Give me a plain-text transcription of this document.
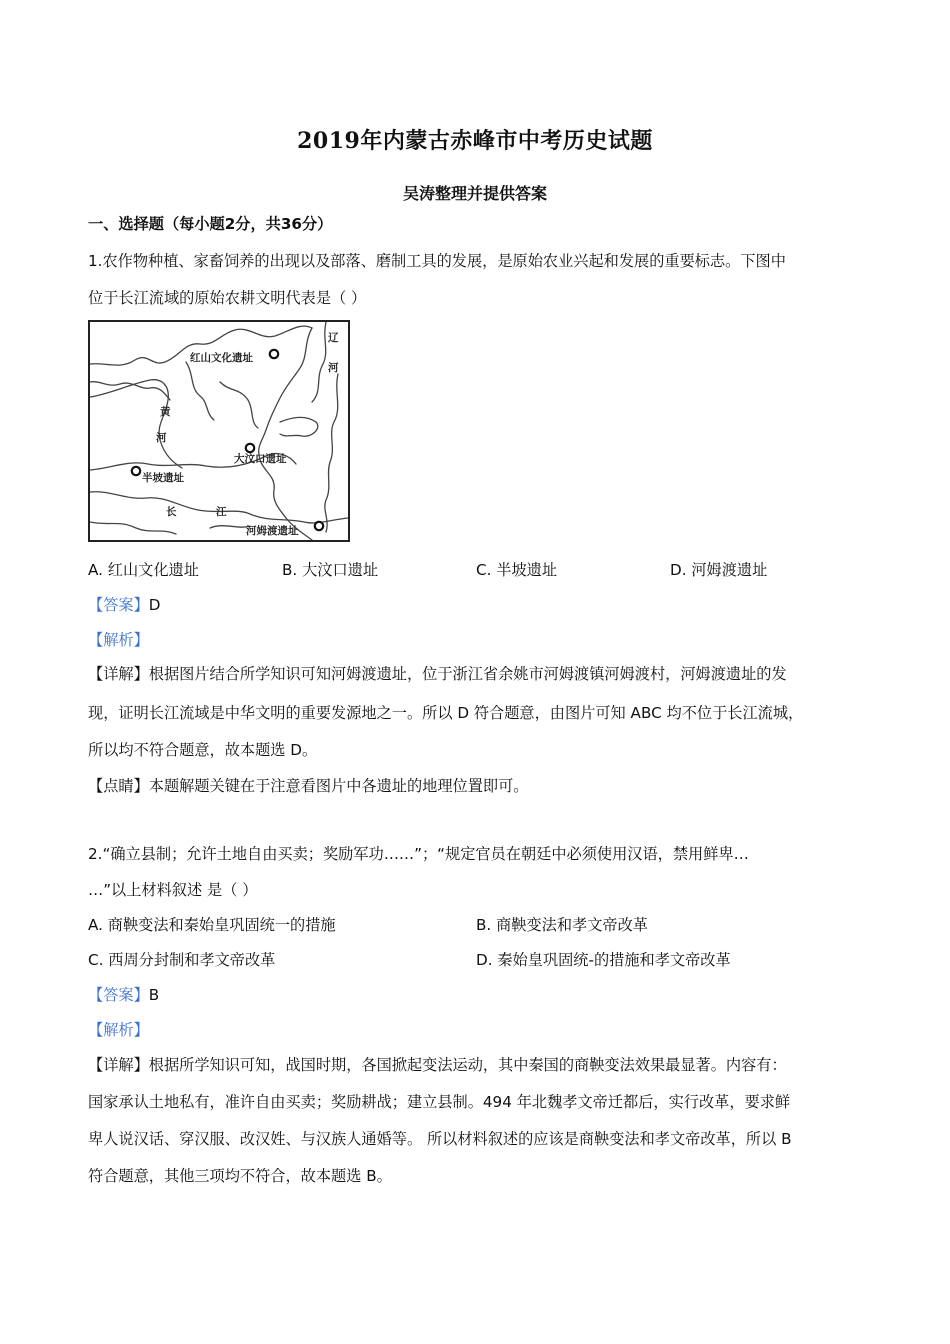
2019年内蒙古赤峰市中考历史试题
吴涛整理并提供答案
一、选择题（每小题2分，共36分）
1.农作物种植、家畜饲养的出现以及部落、磨制工具的发展，是原始农业兴起和发展的重要标志。下图中
位于长江流域的原始农耕文明代表是（ ）
红山文化遗址
大汶口遗址
半坡遗址
河姆渡遗址
辽
河
黄
河
长	江
A. 红山文化遗址	B. 大汶口遗址	C. 半坡遗址	D. 河姆渡遗址
【答案】D
【解析】
【详解】根据图片结合所学知识可知河姆渡遗址，位于浙江省余姚市河姆渡镇河姆渡村，河姆渡遗址的发
现，证明长江流域是中华文明的重要发源地之一。所以 D 符合题意，由图片可知 ABC 均不位于长江流城，
所以均不符合题意，故本题选 D。
【点睛】本题解题关键在于注意看图片中各遗址的地理位置即可。
2.“确立县制；允许土地自由买卖；奖励军功……”；“规定官员在朝廷中必须使用汉语，禁用鲜卑…
…”以上材料叙述 是（ ）
A. 商鞅变法和秦始皇巩固统一的措施	B. 商鞅变法和孝文帝改革
C. 西周分封制和孝文帝改革	D. 秦始皇巩固统-的措施和孝文帝改革
【答案】B
【解析】
【详解】根据所学知识可知，战国时期，各国掀起变法运动，其中秦国的商鞅变法效果最显著。内容有：
国家承认土地私有，准许自由买卖；奖励耕战；建立县制。494 年北魏孝文帝迁都后，实行改革，要求鲜
卑人说汉话、穿汉服、改汉姓、与汉族人通婚等。 所以材料叙述的应该是商鞅变法和孝文帝改革，所以 B
符合题意，其他三项均不符合，故本题选 B。
